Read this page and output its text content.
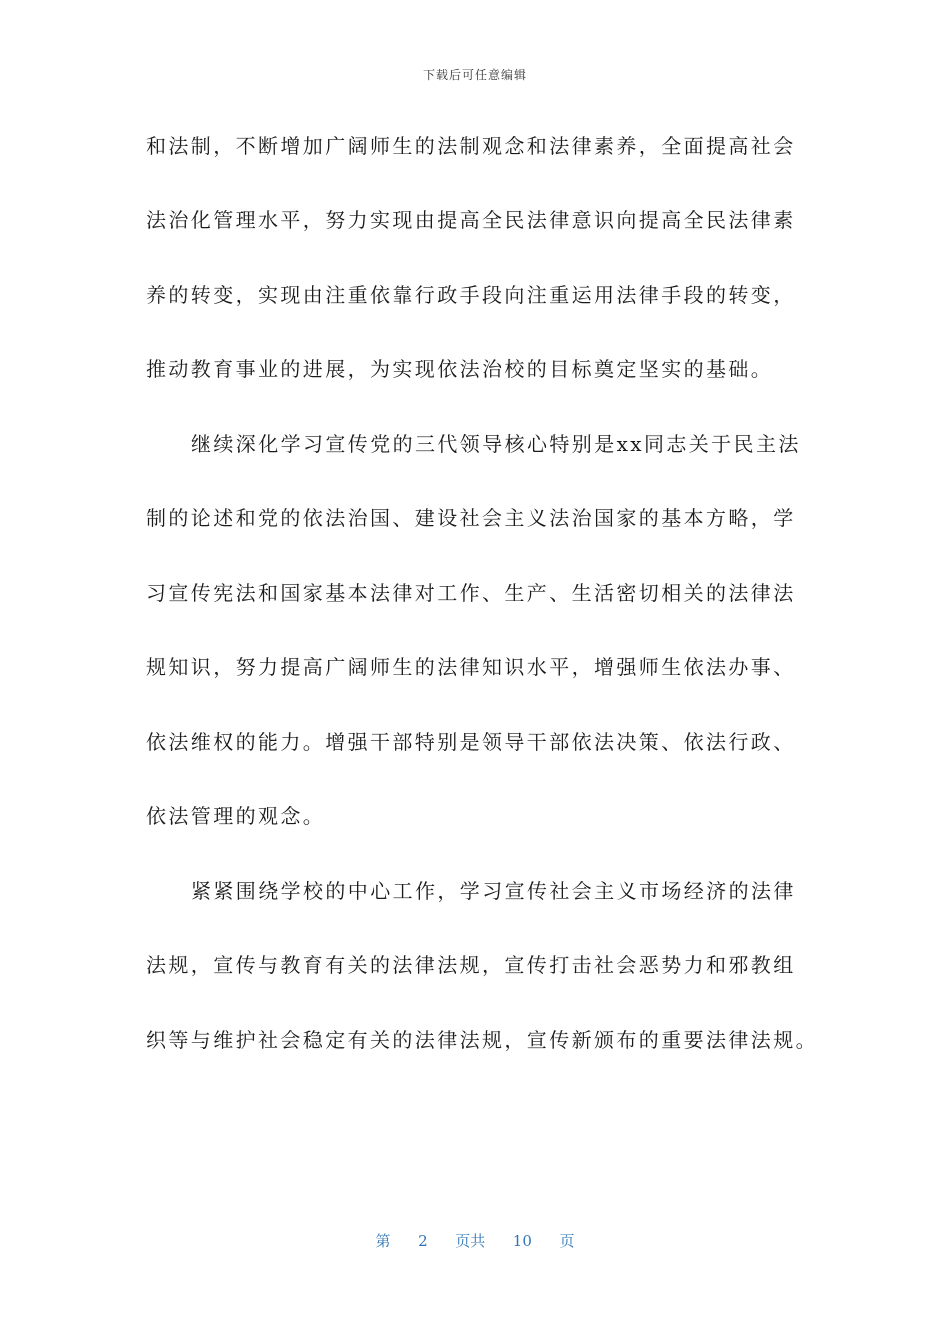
下载后可任意编辑
和法制，不断增加广阔师生的法制观念和法律素养，全面提高社会
法治化管理水平，努力实现由提高全民法律意识向提高全民法律素
养的转变，实现由注重依靠行政手段向注重运用法律手段的转变，
推动教育事业的进展，为实现依法治校的目标奠定坚实的基础。
继续深化学习宣传党的三代领导核心特别是xx同志关于民主法
制的论述和党的依法治国、建设社会主义法治国家的基本方略，学
习宣传宪法和国家基本法律对工作、生产、生活密切相关的法律法
规知识，努力提高广阔师生的法律知识水平，增强师生依法办事、
依法维权的能力。增强干部特别是领导干部依法决策、依法行政、
依法管理的观念。
紧紧围绕学校的中心工作，学习宣传社会主义市场经济的法律
法规，宣传与教育有关的法律法规，宣传打击社会恶势力和邪教组
织等与维护社会稳定有关的法律法规，宣传新颁布的重要法律法规。
第 2 页共 10 页
